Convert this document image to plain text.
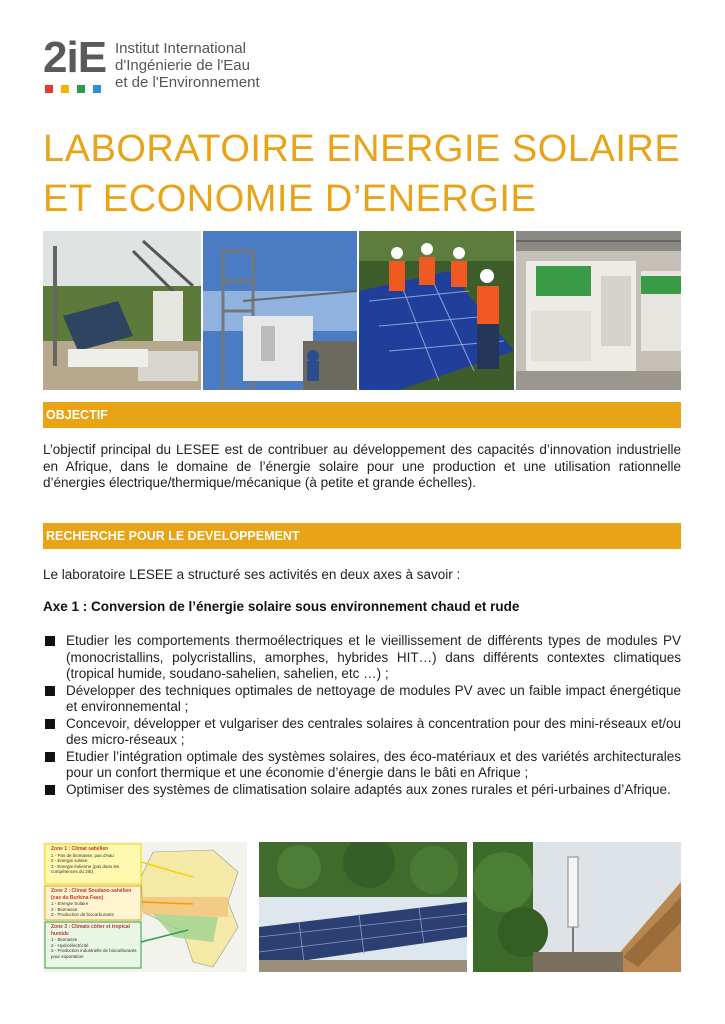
2iE Institut International
d'Ingénierie de l'Eau
et de l'Environnement
LABORATOIRE ENERGIE SOLAIRE
ET ECONOMIE D’ENERGIE
OBJECTIF

L’objectif principal du LESEE est de contribuer au développement des capacités d’innovation industrielle en Afrique, dans le domaine de l’énergie solaire pour une production et une utilisation rationnelle d’énergies électrique/thermique/mécanique (à petite et grande échelles).

RECHERCHE POUR LE DEVELOPPEMENT

Le laboratoire LESEE a structuré ses activités en deux axes à savoir :

Axe 1 : Conversion de l’énergie solaire sous environnement chaud et rude
Etudier les comportements thermoélectriques et le vieillissement de différents types de modules PV (monocristallins, polycristallins, amorphes, hybrides HIT…) dans différents contextes climatiques (tropical humide, soudano-sahelien, sahelien, etc …) ;
Développer des techniques optimales de nettoyage de modules PV avec un faible impact énergétique et environnemental ;
Concevoir, développer et vulgariser des centrales solaires à concentration pour des mini-réseaux et/ou des micro-réseaux ;
Etudier l’intégration optimale des systèmes solaires, des éco-matériaux et des variétés architecturales pour un confort thermique et une économie d’énergie dans le bâti en Afrique ;
Optimiser des systèmes de climatisation solaire adaptés aux zones rurales et péri-urbaines d’Afrique.
Zone 1 : Climat sahélien
1 - Pas de biomasse, pas d'eau
2 - Energie solaire
3 - Energie éolienne (pas dans les compétences du 2iE)
Zone 2 : Climat Soudano-sahélien (cas du Burkina Faso)
1 - Energie Solaire
2 - Biomasse
3 - Production de biocarburants
Zone 3 : Climats côtier et tropical humide
1 - Biomasse
2 - Hydroélectricité
3 - Production industrielle de biocarburants pour exportation
